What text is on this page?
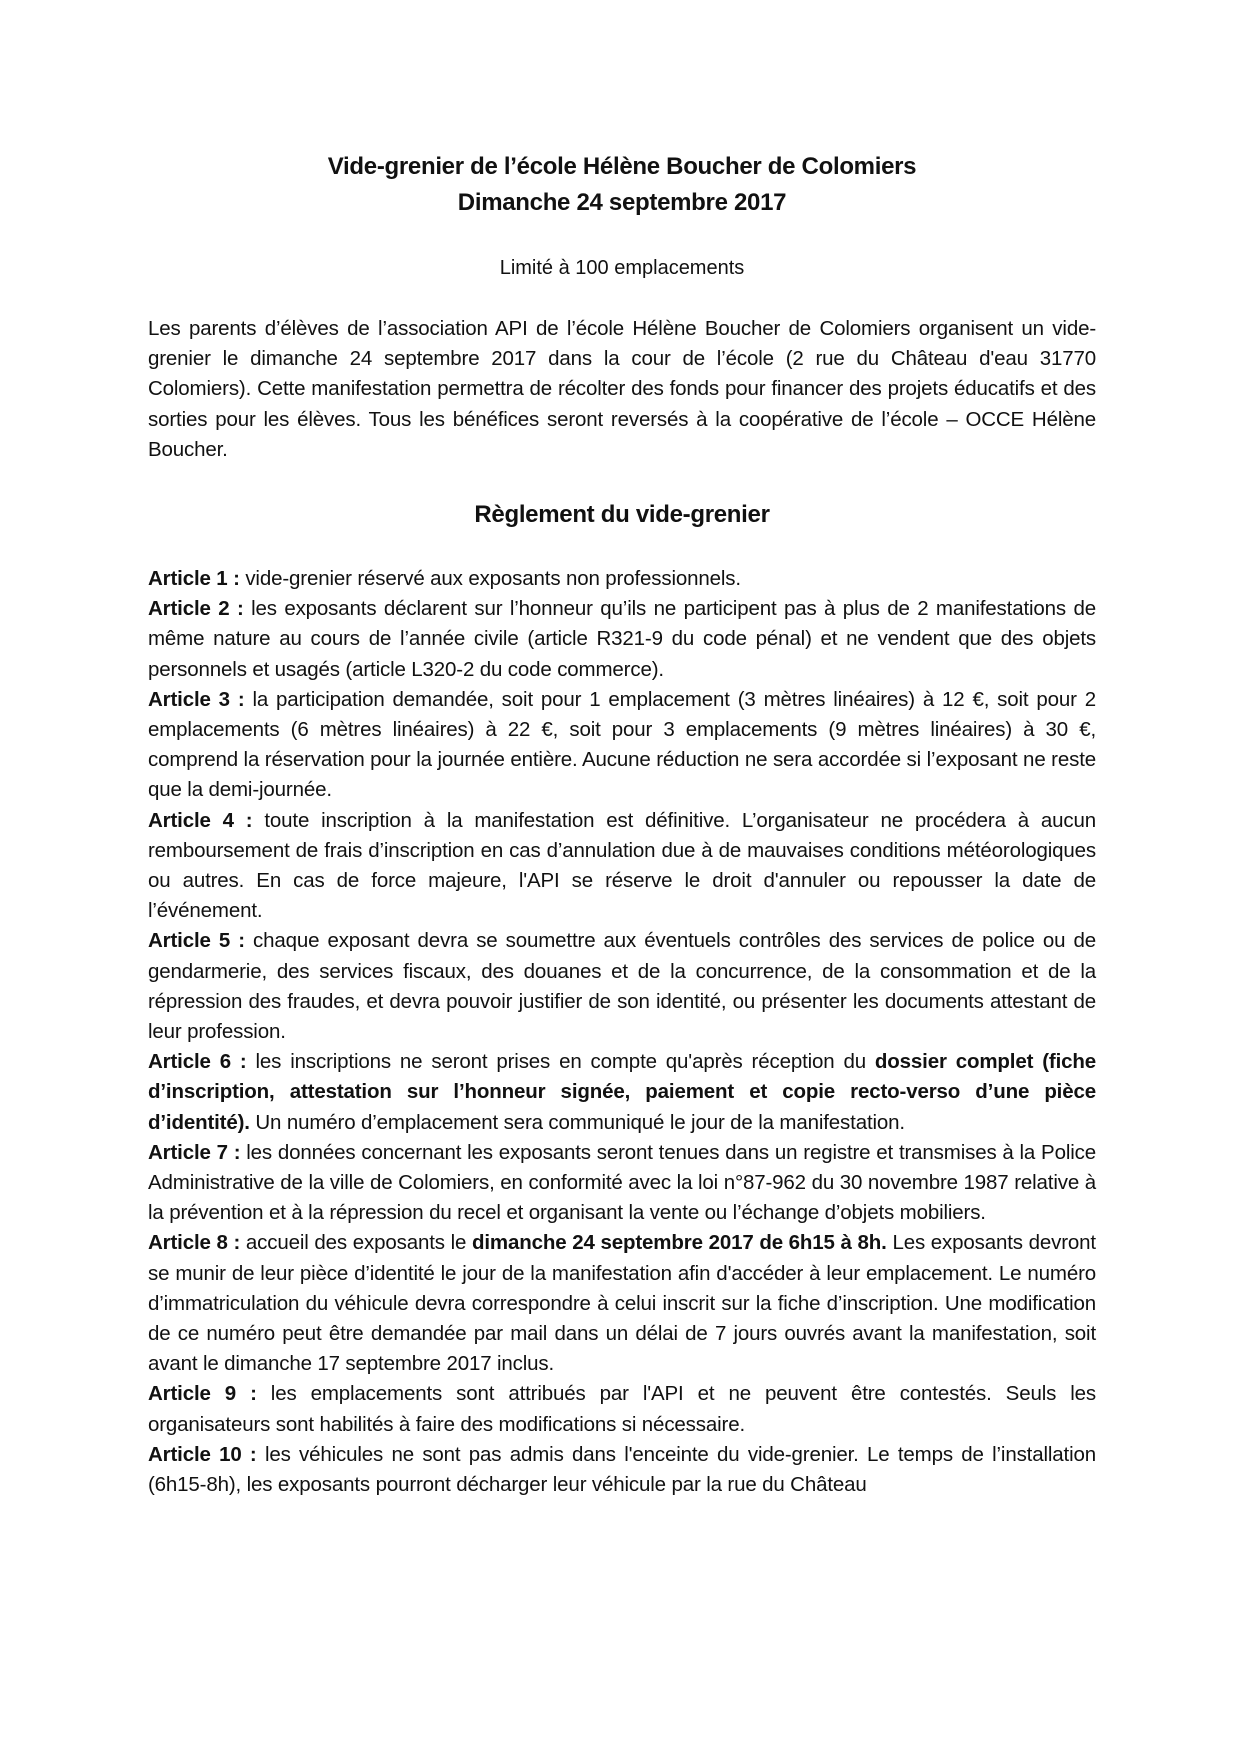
Vide-grenier de l’école Hélène Boucher de Colomiers
Dimanche 24 septembre 2017
Limité à 100 emplacements

Les parents d’élèves de l’association API de l’école Hélène Boucher de Colomiers organisent un vide-grenier le dimanche 24 septembre 2017 dans la cour de l’école (2 rue du Château d'eau 31770 Colomiers). Cette manifestation permettra de récolter des fonds pour financer des projets éducatifs et des sorties pour les élèves. Tous les bénéfices seront reversés à la coopérative de l’école – OCCE Hélène Boucher.

Règlement du vide-grenier

Article 1 : vide-grenier réservé aux exposants non professionnels.

Article 2 : les exposants déclarent sur l’honneur qu’ils ne participent pas à plus de 2 manifestations de même nature au cours de l’année civile (article R321-9 du code pénal) et ne vendent que des objets personnels et usagés (article L320-2 du code commerce).

Article 3 : la participation demandée, soit pour 1 emplacement (3 mètres linéaires) à 12 €, soit pour 2 emplacements (6 mètres linéaires) à 22 €, soit pour 3 emplacements (9 mètres linéaires) à 30 €, comprend la réservation pour la journée entière. Aucune réduction ne sera accordée si l’exposant ne reste que la demi-journée.

Article 4 : toute inscription à la manifestation est définitive. L’organisateur ne procédera à aucun remboursement de frais d’inscription en cas d’annulation due à de mauvaises conditions météorologiques ou autres. En cas de force majeure, l'API se réserve le droit d'annuler ou repousser la date de l’événement.

Article 5 : chaque exposant devra se soumettre aux éventuels contrôles des services de police ou de gendarmerie, des services fiscaux, des douanes et de la concurrence, de la consommation et de la répression des fraudes, et devra pouvoir justifier de son identité, ou présenter les documents attestant de leur profession.

Article 6 : les inscriptions ne seront prises en compte qu'après réception du dossier complet (fiche d’inscription, attestation sur l’honneur signée, paiement et copie recto-verso d’une pièce d’identité). Un numéro d’emplacement sera communiqué le jour de la manifestation.

Article 7 : les données concernant les exposants seront tenues dans un registre et transmises à la Police Administrative de la ville de Colomiers, en conformité avec la loi n°87-962 du 30 novembre 1987 relative à la prévention et à la répression du recel et organisant la vente ou l’échange d’objets mobiliers.

Article 8 : accueil des exposants le dimanche 24 septembre 2017 de 6h15 à 8h. Les exposants devront se munir de leur pièce d’identité le jour de la manifestation afin d'accéder à leur emplacement. Le numéro d’immatriculation du véhicule devra correspondre à celui inscrit sur la fiche d’inscription. Une modification de ce numéro peut être demandée par mail dans un délai de 7 jours ouvrés avant la manifestation, soit avant le dimanche 17 septembre 2017 inclus.

Article 9 : les emplacements sont attribués par l'API et ne peuvent être contestés. Seuls les organisateurs sont habilités à faire des modifications si nécessaire.

Article 10 : les véhicules ne sont pas admis dans l'enceinte du vide-grenier. Le temps de l’installation (6h15-8h), les exposants pourront décharger leur véhicule par la rue du Château
